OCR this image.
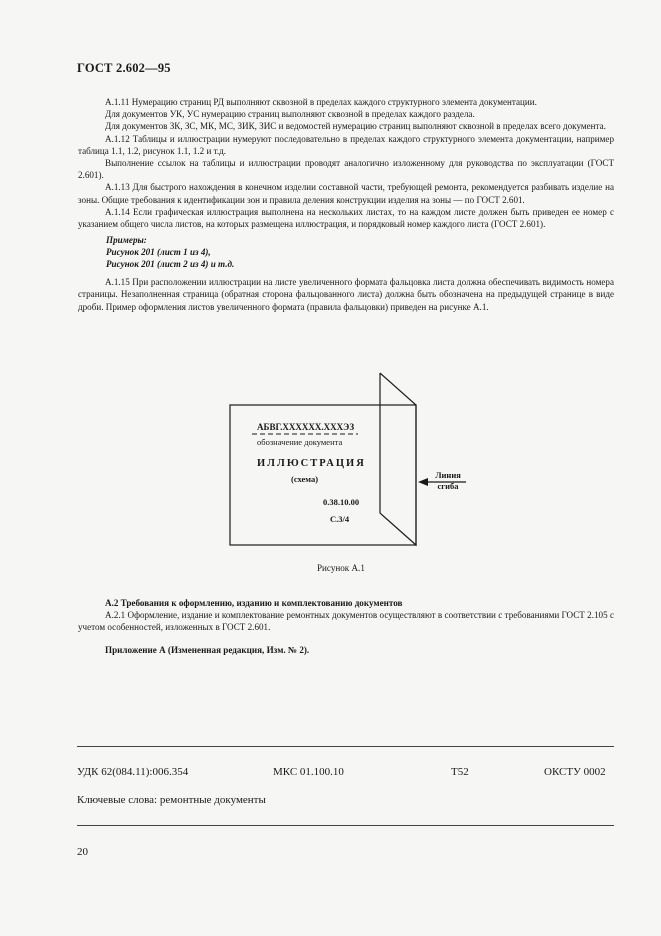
ГОСТ 2.602—95

А.1.11 Нумерацию страниц РД выполняют сквозной в пределах каждого структурного элемента документации.

Для документов УК, УС нумерацию страниц выполняют сквозной в пределах каждого раздела.

Для документов ЗК, ЗС, МК, МС, ЗИК, ЗИС и ведомостей нумерацию страниц выполняют сквозной в пределах всего документа.

А.1.12 Таблицы и иллюстрации нумеруют последовательно в пределах каждого структурного элемента документации, например таблица 1.1, 1.2, рисунок 1.1, 1.2 и т.д.

Выполнение ссылок на таблицы и иллюстрации проводят аналогично изложенному для руководства по эксплуатации (ГОСТ 2.601).

А.1.13 Для быстрого нахождения в конечном изделии составной части, требующей ремонта, рекомендуется разбивать изделие на зоны. Общие требования к идентификации зон и правила деления конструкции изделия на зоны — по ГОСТ 2.601.

А.1.14 Если графическая иллюстрация выполнена на нескольких листах, то на каждом листе должен быть приведен ее номер с указанием общего числа листов, на которых размещена иллюстрация, и порядковый номер каждого листа (ГОСТ 2.601).

Примеры:
Рисунок 201 (лист 1 из 4),
Рисунок 201 (лист 2 из 4) и т.д.

А.1.15 При расположении иллюстрации на листе увеличенного формата фальцовка листа должна обеспечивать видимость номера страницы. Незаполненная страница (обратная сторона фальцованного листа) должна быть обозначена на предыдущей странице в виде дроби. Пример оформления листов увеличенного формата (правила фальцовки) приведен на рисунке А.1.

АБВГ.XXXXXX.XXXЭЗ
обозначение документа
ИЛЛЮСТРАЦИЯ
(схема)
0.38.10.00
С.3/4
Линия
сгиба
Рисунок А.1
А.2 Требования к оформлению, изданию и комплектованию документов

А.2.1 Оформление, издание и комплектование ремонтных документов осуществляют в соответствии с требованиями ГОСТ 2.105 с учетом особенностей, изложенных в ГОСТ 2.601.

Приложение А (Измененная редакция, Изм. № 2).
УДК 62(084.11):006.354	МКС 01.100.10	Т52	ОКСТУ 0002
Ключевые слова: ремонтные документы
20
